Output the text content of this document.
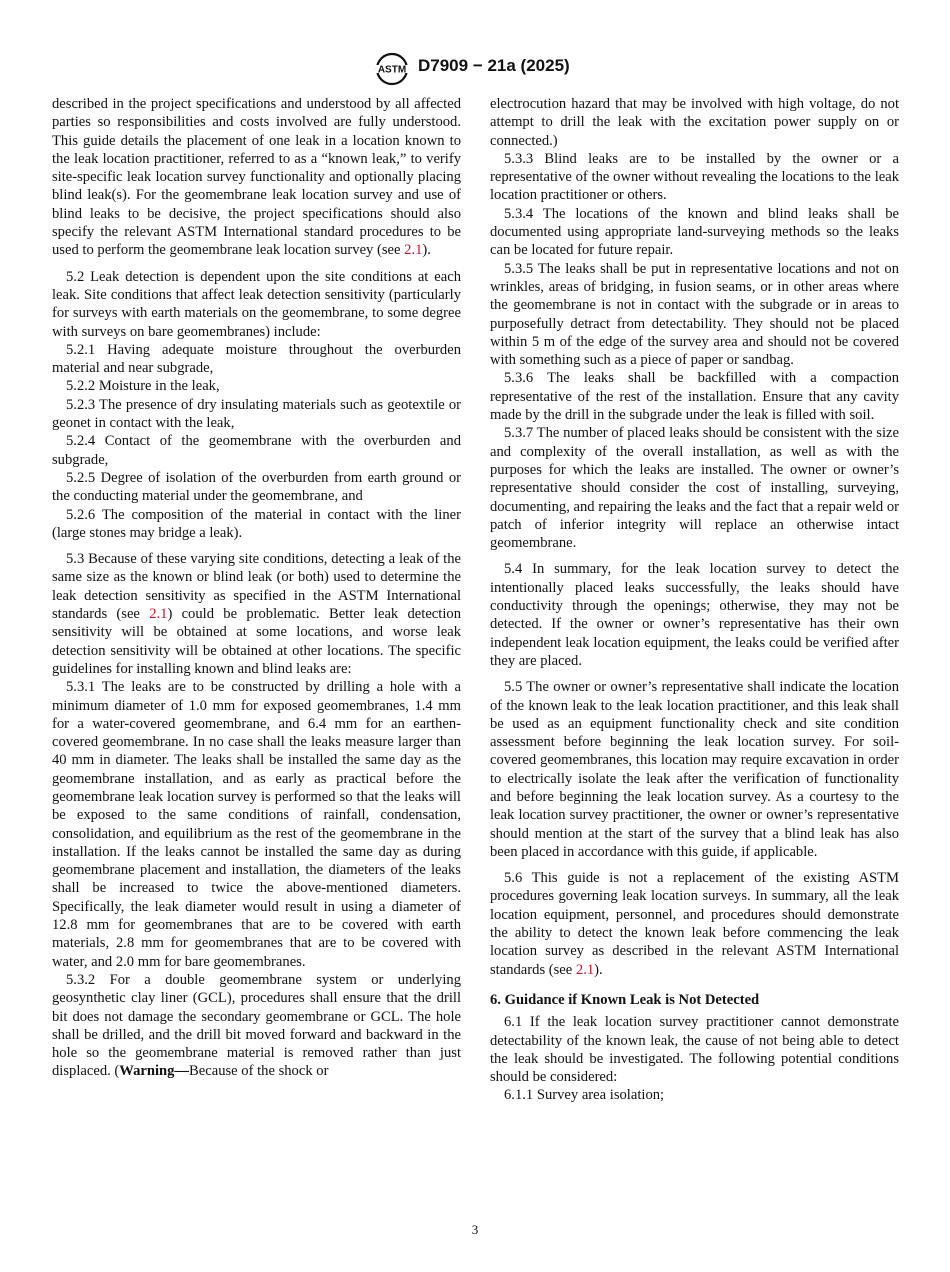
ASTM D7909 − 21a (2025)

described in the project specifications and understood by all affected parties so responsibilities and costs involved are fully understood. This guide details the placement of one leak in a location known to the leak location practitioner, referred to as a “known leak,” to verify site-specific leak location survey functionality and optionally placing blind leak(s). For the geomembrane leak location survey and use of blind leaks to be decisive, the project specifications should also specify the relevant ASTM International standard procedures to be used to perform the geomembrane leak location survey (see 2.1).

5.2 Leak detection is dependent upon the site conditions at each leak. Site conditions that affect leak detection sensitivity (particularly for surveys with earth materials on the geomembrane, to some degree with surveys on bare geomembranes) include:

5.2.1 Having adequate moisture throughout the overburden material and near subgrade,

5.2.2 Moisture in the leak,

5.2.3 The presence of dry insulating materials such as geotextile or geonet in contact with the leak,

5.2.4 Contact of the geomembrane with the overburden and subgrade,

5.2.5 Degree of isolation of the overburden from earth ground or the conducting material under the geomembrane, and

5.2.6 The composition of the material in contact with the liner (large stones may bridge a leak).

5.3 Because of these varying site conditions, detecting a leak of the same size as the known or blind leak (or both) used to determine the leak detection sensitivity as specified in the ASTM International standards (see 2.1) could be problematic. Better leak detection sensitivity will be obtained at some locations, and worse leak detection sensitivity will be obtained at other locations. The specific guidelines for installing known and blind leaks are:

5.3.1 The leaks are to be constructed by drilling a hole with a minimum diameter of 1.0 mm for exposed geomembranes, 1.4 mm for a water-covered geomembrane, and 6.4 mm for an earthen-covered geomembrane. In no case shall the leaks measure larger than 40 mm in diameter. The leaks shall be installed the same day as the geomembrane installation, and as early as practical before the geomembrane leak location survey is performed so that the leaks will be exposed to the same conditions of rainfall, condensation, consolidation, and equilibrium as the rest of the geomembrane in the installation. If the leaks cannot be installed the same day as during geomembrane placement and installation, the diameters of the leaks shall be increased to twice the above-mentioned diameters. Specifically, the leak diameter would result in using a diameter of 12.8 mm for geomembranes that are to be covered with earth materials, 2.8 mm for geomembranes that are to be covered with water, and 2.0 mm for bare geomembranes.

5.3.2 For a double geomembrane system or underlying geosynthetic clay liner (GCL), procedures shall ensure that the drill bit does not damage the secondary geomembrane or GCL. The hole shall be drilled, and the drill bit moved forward and backward in the hole so the geomembrane material is removed rather than just displaced. (Warning—Because of the shock or

electrocution hazard that may be involved with high voltage, do not attempt to drill the leak with the excitation power supply on or connected.)

5.3.3 Blind leaks are to be installed by the owner or a representative of the owner without revealing the locations to the leak location practitioner or others.

5.3.4 The locations of the known and blind leaks shall be documented using appropriate land-surveying methods so the leaks can be located for future repair.

5.3.5 The leaks shall be put in representative locations and not on wrinkles, areas of bridging, in fusion seams, or in other areas where the geomembrane is not in contact with the subgrade or in areas to purposefully detract from detectability. They should not be placed within 5 m of the edge of the survey area and should not be covered with something such as a piece of paper or sandbag.

5.3.6 The leaks shall be backfilled with a compaction representative of the rest of the installation. Ensure that any cavity made by the drill in the subgrade under the leak is filled with soil.

5.3.7 The number of placed leaks should be consistent with the size and complexity of the overall installation, as well as with the purposes for which the leaks are installed. The owner or owner’s representative should consider the cost of installing, surveying, documenting, and repairing the leaks and the fact that a repair weld or patch of inferior integrity will replace an otherwise intact geomembrane.

5.4 In summary, for the leak location survey to detect the intentionally placed leaks successfully, the leaks should have conductivity through the openings; otherwise, they may not be detected. If the owner or owner’s representative has their own independent leak location equipment, the leaks could be verified after they are placed.

5.5 The owner or owner’s representative shall indicate the location of the known leak to the leak location practitioner, and this leak shall be used as an equipment functionality check and site condition assessment before beginning the leak location survey. For soil-covered geomembranes, this location may require excavation in order to electrically isolate the leak after the verification of functionality and before beginning the leak location survey. As a courtesy to the leak location survey practitioner, the owner or owner’s representative should mention at the start of the survey that a blind leak has also been placed in accordance with this guide, if applicable.

5.6 This guide is not a replacement of the existing ASTM procedures governing leak location surveys. In summary, all the leak location equipment, personnel, and procedures should demonstrate the ability to detect the known leak before commencing the leak location survey as described in the relevant ASTM International standards (see 2.1).

6. Guidance if Known Leak is Not Detected

6.1 If the leak location survey practitioner cannot demonstrate detectability of the known leak, the cause of not being able to detect the leak should be investigated. The following potential conditions should be considered:

6.1.1 Survey area isolation;

3
